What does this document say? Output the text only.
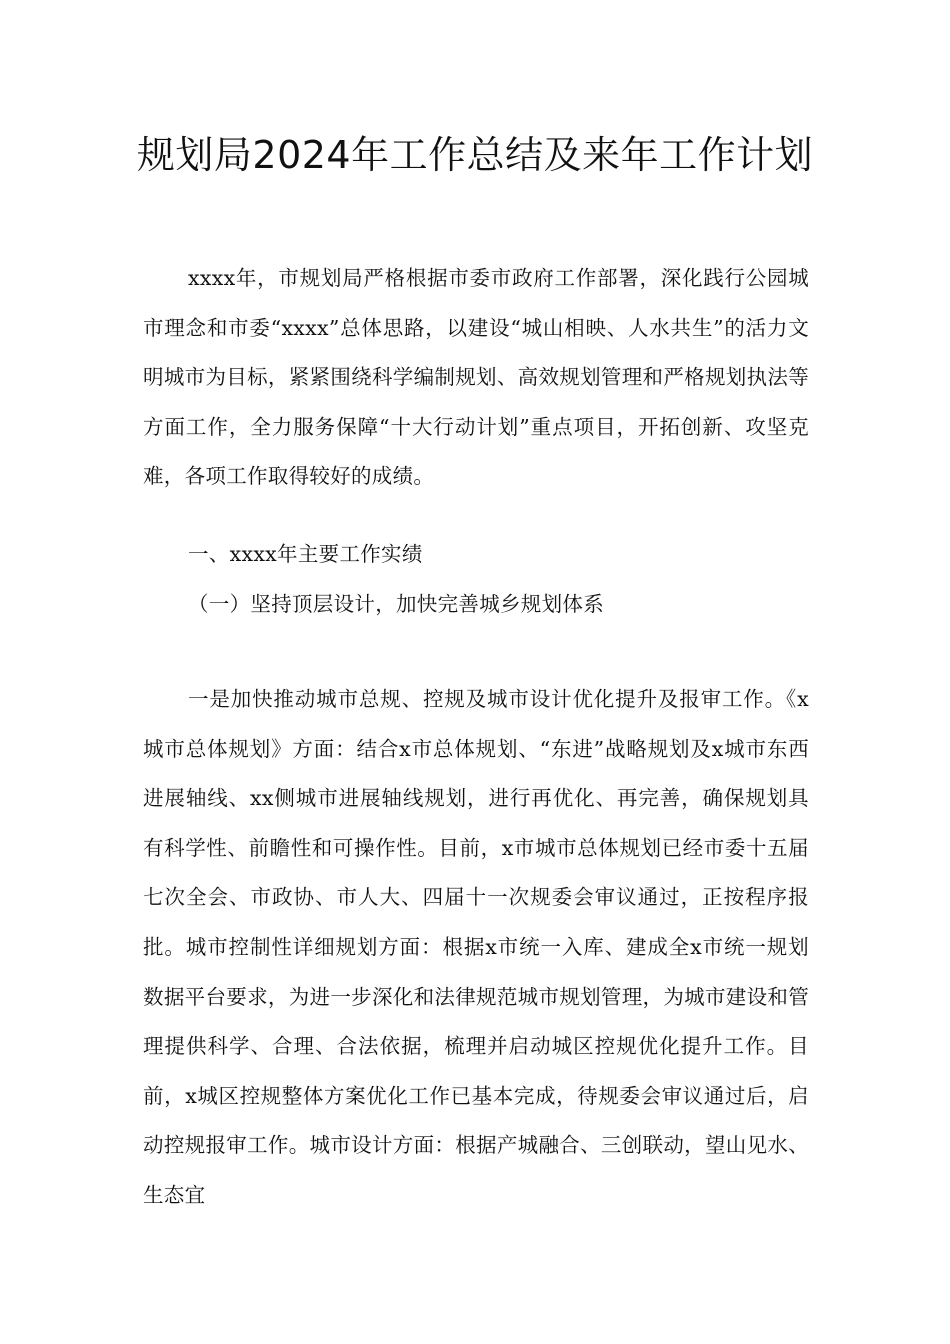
规划局2024年工作总结及来年工作计划

xxxx年，市规划局严格根据市委市政府工作部署，深化践行公园城市理念和市委“xxxx”总体思路，以建设“城山相映、人水共生”的活力文明城市为目标，紧紧围绕科学编制规划、高效规划管理和严格规划执法等方面工作，全力服务保障“十大行动计划”重点项目，开拓创新、攻坚克难，各项工作取得较好的成绩。

一、xxxx年主要工作实绩

（一）坚持顶层设计，加快完善城乡规划体系

一是加快推动城市总规、控规及城市设计优化提升及报审工作。《x城市总体规划》方面：结合x市总体规划、“东进”战略规划及x城市东西进展轴线、xx侧城市进展轴线规划，进行再优化、再完善，确保规划具有科学性、前瞻性和可操作性。目前，x市城市总体规划已经市委十五届七次全会、市政协、市人大、四届十一次规委会审议通过，正按程序报批。城市控制性详细规划方面：根据x市统一入库、建成全x市统一规划数据平台要求，为进一步深化和法律规范城市规划管理，为城市建设和管理提供科学、合理、合法依据，梳理并启动城区控规优化提升工作。目前，x城区控规整体方案优化工作已基本完成，待规委会审议通过后，启动控规报审工作。城市设计方面：根据产城融合、三创联动，望山见水、生态宜
